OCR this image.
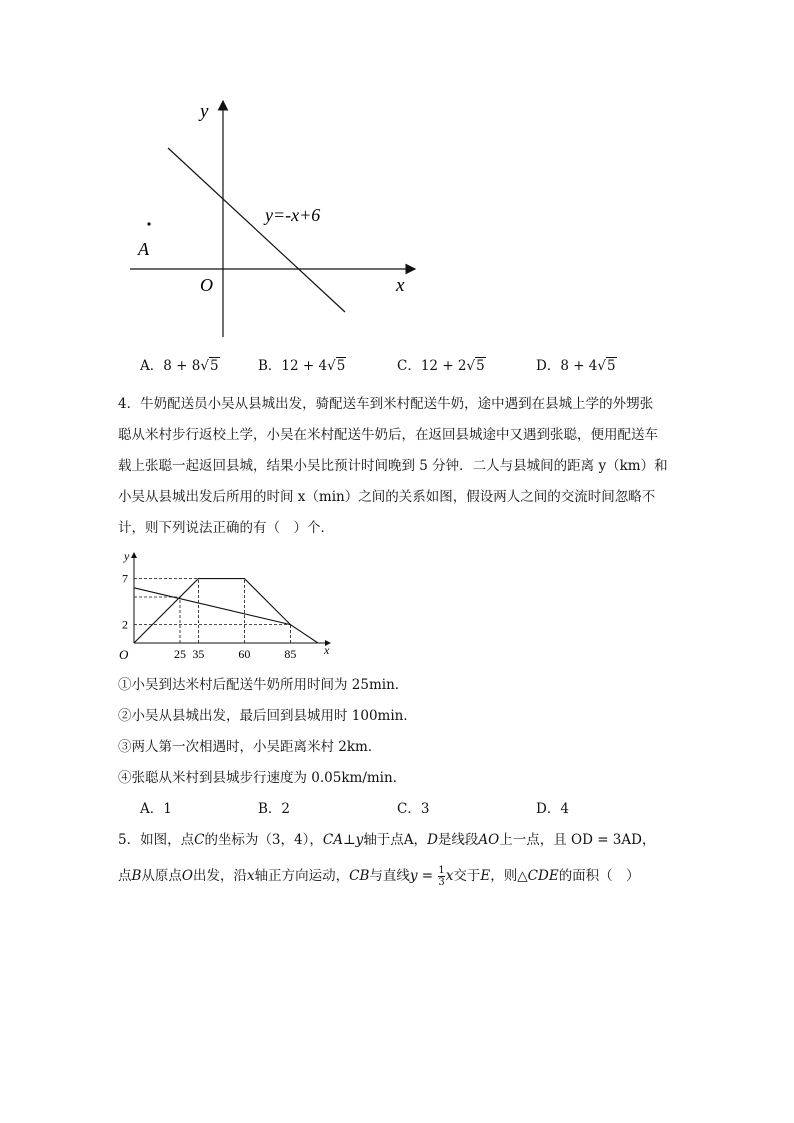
y
x
O
A
y=-x+6
A．8 + 8√5	B．12 + 4√5	C．12 + 2√5	D．8 + 4√5
4．牛奶配送员小吴从县城出发，骑配送车到米村配送牛奶，途中遇到在县城上学的外甥张
聪从米村步行返校上学，小吴在米村配送牛奶后，在返回县城途中又遇到张聪，便用配送车
载上张聪一起返回县城，结果小吴比预计时间晚到 5 分钟．二人与县城间的距离 y（km）和
小吴从县城出发后所用的时间 x（min）之间的关系如图，假设两人之间的交流时间忽略不
计，则下列说法正确的有（　）个．
y
x
O	25 35	60	85
2
7
①小吴到达米村后配送牛奶所用时间为 25min．
②小吴从县城出发，最后回到县城用时 100min．
③两人第一次相遇时，小吴距离米村 2km．
④张聪从米村到县城步行速度为 0.05km/min．
A．1	B．2	C．3	D．4
5．如图，点C的坐标为（3，4），CA⊥y轴于点A，D是线段AO上一点，且 OD = 3AD，
点B从原点O出发，沿x轴正方向运动，CB与直线$y = \frac{1}{3}$ x交于E，则△CDE的面积（　）
